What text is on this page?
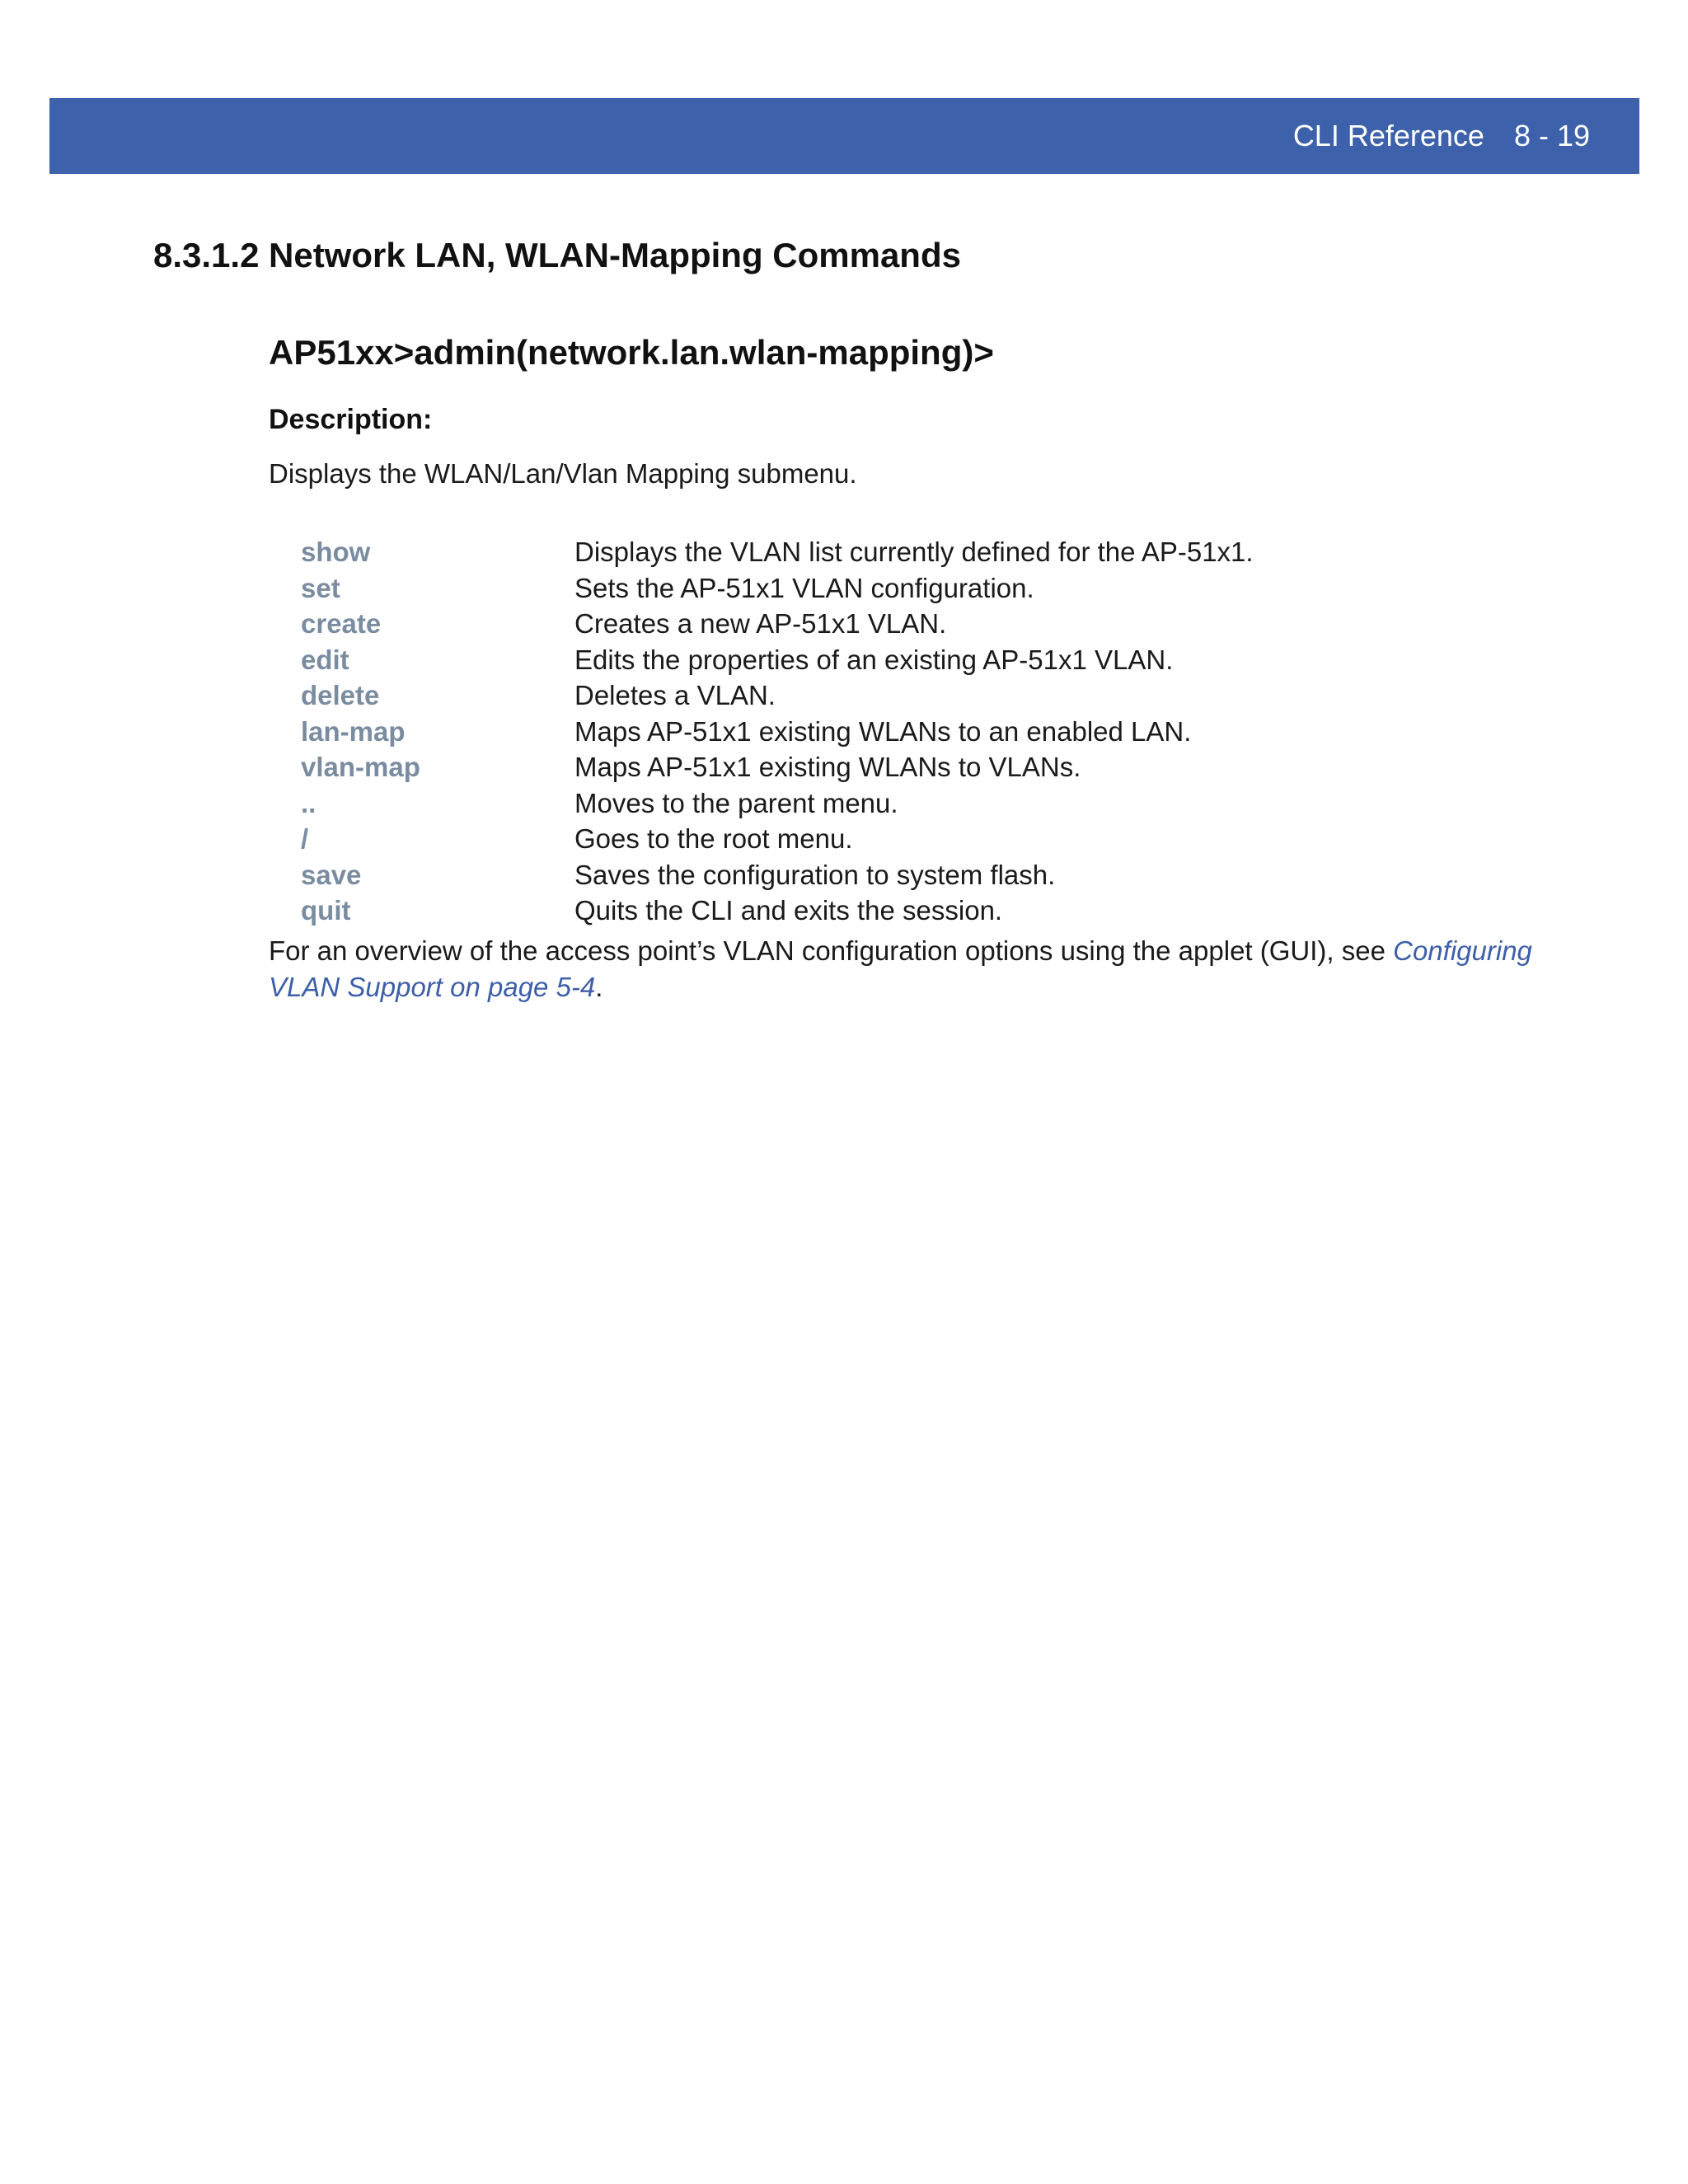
CLI Reference 8 - 19
8.3.1.2 Network LAN, WLAN-Mapping Commands
AP51xx>admin(network.lan.wlan-mapping)>
Description:
Displays the WLAN/Lan/Vlan Mapping submenu.
show	Displays the VLAN list currently defined for the AP-51x1.
set	Sets the AP-51x1 VLAN configuration.
create	Creates a new AP-51x1 VLAN.
edit	Edits the properties of an existing AP-51x1 VLAN.
delete	Deletes a VLAN.
lan-map	Maps AP-51x1 existing WLANs to an enabled LAN.
vlan-map	Maps AP-51x1 existing WLANs to VLANs.
..	Moves to the parent menu.
/	Goes to the root menu.
save	Saves the configuration to system flash.
quit	Quits the CLI and exits the session.
For an overview of the access point’s VLAN configuration options using the applet (GUI), see Configuring VLAN Support on page 5-4.
